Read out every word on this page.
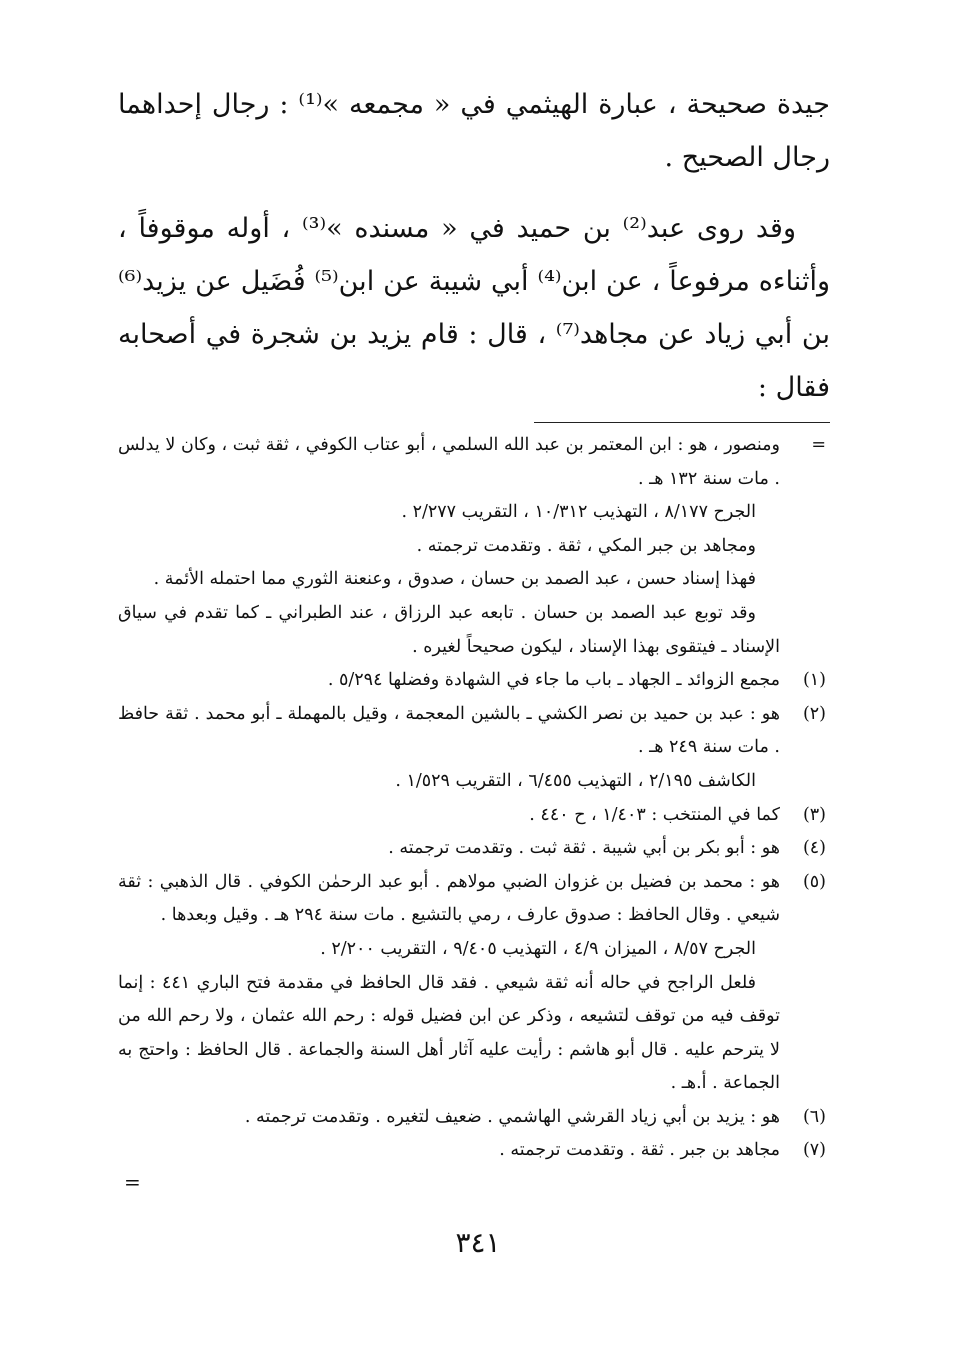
جيدة صحيحة ، عبارة الهيثمي في « مجمعه »⁽¹⁾ : رجال إحداهما رجال الصحيح .

وقد روى عبد⁽²⁾ بن حميد في « مسنده »⁽³⁾ ، أوله موقوفاً ، وأثناءه مرفوعاً ، عن ابن⁽⁴⁾ أبي شيبة عن ابن⁽⁵⁾ فُضَيل عن يزيد⁽⁶⁾ بن أبي زياد عن مجاهد⁽⁷⁾ ، قال : قام يزيد بن شجرة في أصحابه فقال :

=
ومنصور ، هو : ابن المعتمر بن عبد الله السلمي ، أبو عتاب الكوفي ، ثقة ثبت ، وكان لا يدلس . مات سنة ١٣٢ هـ .
الجرح ٨/١٧٧ ، التهذيب ١٠/٣١٢ ، التقريب ٢/٢٧٧ .
ومجاهد بن جبر المكي ، ثقة . وتقدمت ترجمته .
فهذا إسناد حسن ، عبد الصمد بن حسان ، صدوق ، وعنعنة الثوري مما احتمله الأئمة .
وقد توبع عبد الصمد بن حسان . تابعه عبد الرزاق ، عند الطبراني ـ كما تقدم في سياق الإسناد ـ فيتقوى بهذا الإسناد ، ليكون صحيحاً لغيره .
(١)
مجمع الزوائد ـ الجهاد ـ باب ما جاء في الشهادة وفضلها ٥/٢٩٤ .
(٢)
هو : عبد بن حميد بن نصر الكشي ـ بالشين المعجمة ، وقيل بالمهملة ـ أبو محمد . ثقة حافظ . مات سنة ٢٤٩ هـ .
الكاشف ٢/١٩٥ ، التهذيب ٦/٤٥٥ ، التقريب ١/٥٢٩ .
(٣)
كما في المنتخب : ١/٤٠٣ ، ح ٤٤٠ .
(٤)
هو : أبو بكر بن أبي شيبة . ثقة ثبت . وتقدمت ترجمته .
(٥)
هو : محمد بن فضيل بن غزوان الضبي مولاهم . أبو عبد الرحمٰن الكوفي . قال الذهبي : ثقة شيعي . وقال الحافظ : صدوق عارف ، رمي بالتشيع . مات سنة ٢٩٤ هـ . وقيل وبعدها .
الجرح ٨/٥٧ ، الميزان ٤/٩ ، التهذيب ٩/٤٠٥ ، التقريب ٢/٢٠٠ .
فلعل الراجح في حاله أنه ثقة شيعي . فقد قال الحافظ في مقدمة فتح الباري ٤٤١ : إنما توقف فيه من توقف لتشيعه ، وذكر عن ابن فضيل قوله : رحم الله عثمان ، ولا رحم الله من لا يترحم عليه . قال أبو هاشم : رأيت عليه آثار أهل السنة والجماعة . قال الحافظ : واحتج به الجماعة . أ.هـ .
(٦)
هو : يزيد بن أبي زياد القرشي الهاشمي . ضعيف لتغيره . وتقدمت ترجمته .
(٧)
مجاهد بن جبر . ثقة . وتقدمت ترجمته .
=
٣٤١
